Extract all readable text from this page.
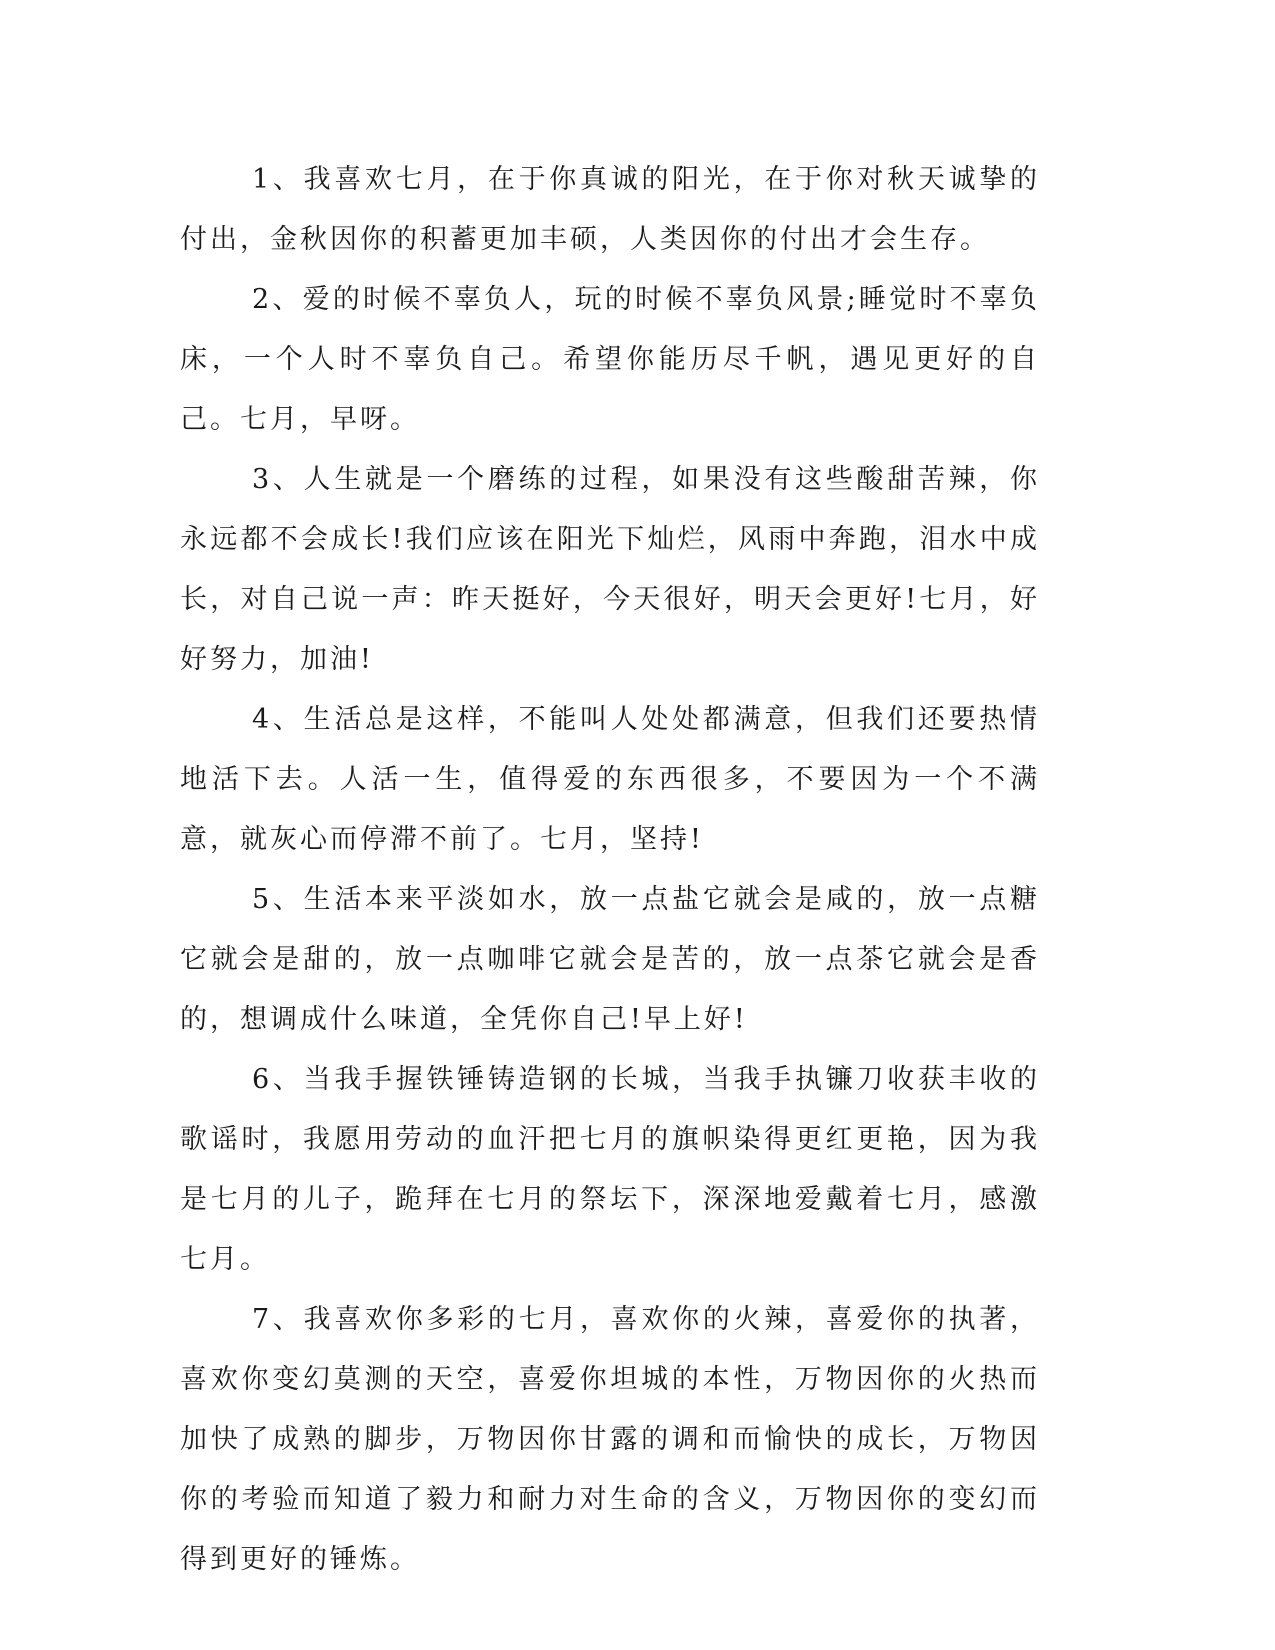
1、我喜欢七月，在于你真诚的阳光，在于你对秋天诚挚的付出，金秋因你的积蓄更加丰硕，人类因你的付出才会生存。

2、爱的时候不辜负人，玩的时候不辜负风景;睡觉时不辜负床，一个人时不辜负自己。希望你能历尽千帆，遇见更好的自己。七月，早呀。

3、人生就是一个磨练的过程，如果没有这些酸甜苦辣，你永远都不会成长!我们应该在阳光下灿烂，风雨中奔跑，泪水中成长，对自己说一声：昨天挺好，今天很好，明天会更好!七月，好好努力，加油!

4、生活总是这样，不能叫人处处都满意，但我们还要热情地活下去。人活一生，值得爱的东西很多，不要因为一个不满意，就灰心而停滞不前了。七月，坚持!

5、生活本来平淡如水，放一点盐它就会是咸的，放一点糖它就会是甜的，放一点咖啡它就会是苦的，放一点茶它就会是香的，想调成什么味道，全凭你自己!早上好!

6、当我手握铁锤铸造钢的长城，当我手执镰刀收获丰收的歌谣时，我愿用劳动的血汗把七月的旗帜染得更红更艳，因为我是七月的儿子，跪拜在七月的祭坛下，深深地爱戴着七月，感激七月。

7、我喜欢你多彩的七月，喜欢你的火辣，喜爱你的执著，喜欢你变幻莫测的天空，喜爱你坦城的本性，万物因你的火热而加快了成熟的脚步，万物因你甘露的调和而愉快的成长，万物因你的考验而知道了毅力和耐力对生命的含义，万物因你的变幻而得到更好的锤炼。
